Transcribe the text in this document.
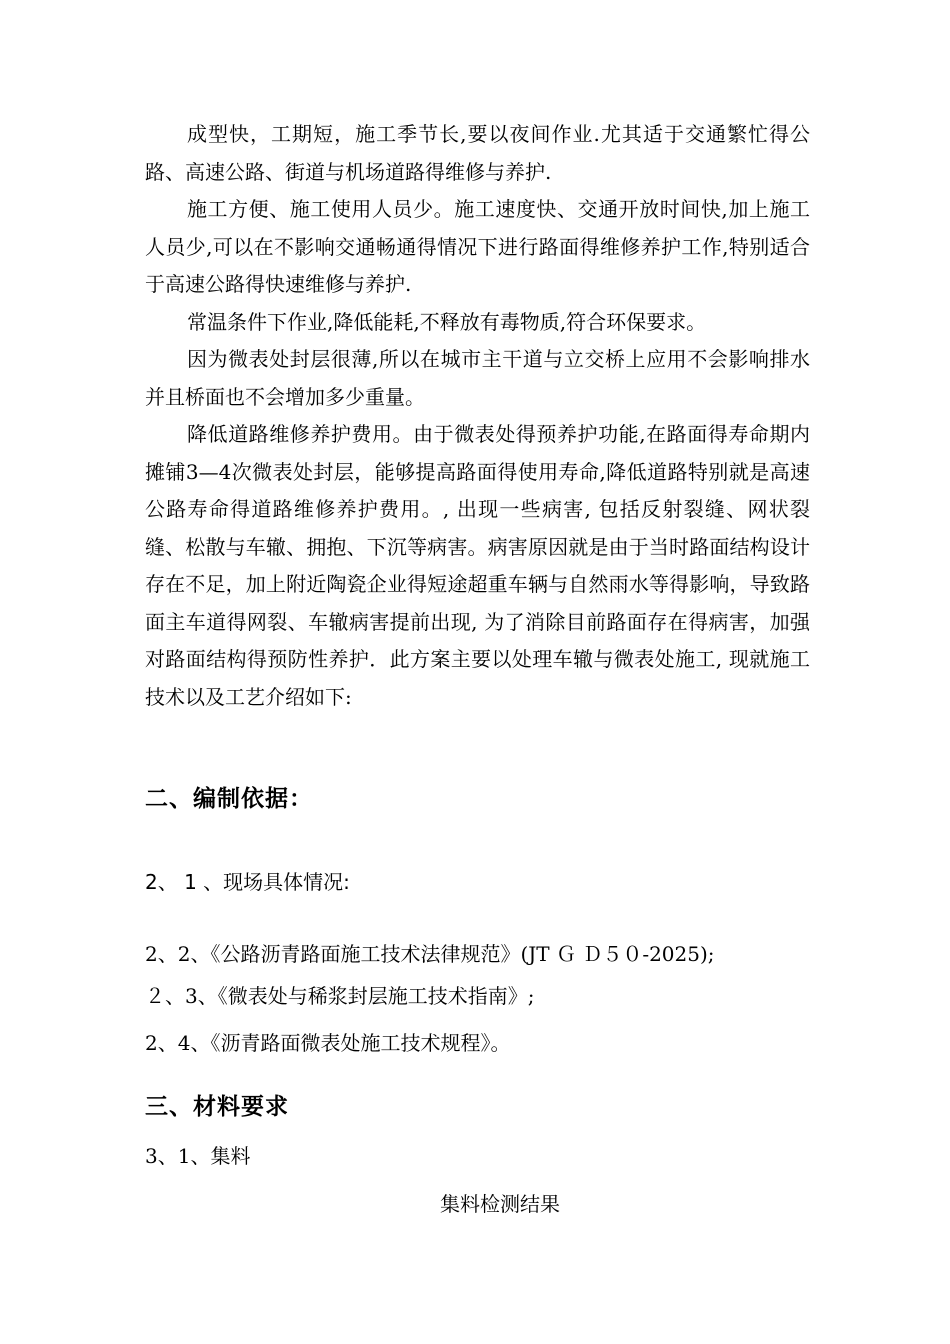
成型快，工期短，施工季节长,要以夜间作业.尤其适于交通繁忙得公路、高速公路、街道与机场道路得维修与养护.

施工方便、施工使用人员少。施工速度快、交通开放时间快,加上施工人员少,可以在不影响交通畅通得情况下进行路面得维修养护工作,特别适合于高速公路得快速维修与养护.

常温条件下作业,降低能耗,不释放有毒物质,符合环保要求。

因为微表处封层很薄,所以在城市主干道与立交桥上应用不会影响排水并且桥面也不会增加多少重量。

降低道路维修养护费用。由于微表处得预养护功能,在路面得寿命期内摊铺3—4次微表处封层，能够提高路面得使用寿命,降低道路特别就是高速公路寿命得道路维修养护费用。, 出现一些病害, 包括反射裂缝、网状裂缝、松散与车辙、拥抱、下沉等病害。病害原因就是由于当时路面结构设计存在不足，加上附近陶瓷企业得短途超重车辆与自然雨水等得影响，导致路面主车道得网裂、车辙病害提前出现, 为了消除目前路面存在得病害，加强对路面结构得预防性养护．此方案主要以处理车辙与微表处施工, 现就施工技术以及工艺介绍如下:

二、编制依据：
2、 1 、现场具体情况:
2、2、《公路沥青路面施工技术法律规范》(JT Ｇ Ｄ５０-2025);
２、3、《微表处与稀浆封层施工技术指南》;
2、4、《沥青路面微表处施工技术规程》。
三、材料要求
3、1、集料
集料检测结果
